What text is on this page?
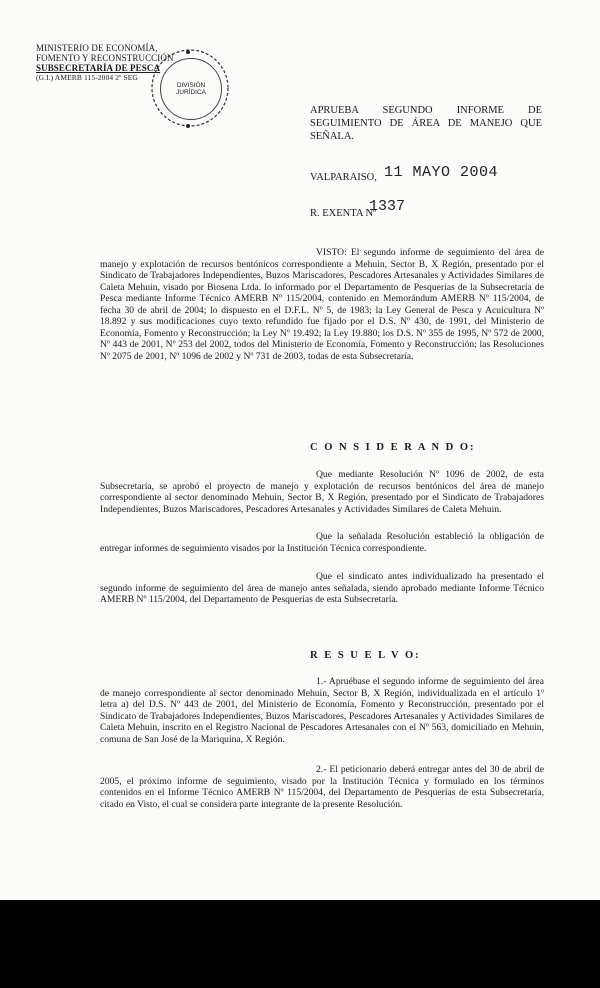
MINISTERIO DE ECONOMÍA,
FOMENTO Y RECONSTRUCCIÓN
SUBSECRETARÍA DE PESCA
(G.I.) AMERB 115-2004 2º SEG
DIVISIÓN
JURÍDICA
APRUEBA SEGUNDO INFORME DE
SEGUIMIENTO DE ÁREA DE MANEJO QUE
SEÑALA.
VALPARAISO, 11 MAYO 2004
R. EXENTA Nº
1337
VISTO: El segundo informe de seguimiento del área de manejo y explotación de recursos bentónicos correspondiente a Mehuin, Sector B, X Región, presentado por el Sindicato de Trabajadores Independientes, Buzos Mariscadores, Pescadores Artesanales y Actividades Similares de Caleta Mehuin, visado por Biosena Ltda. lo informado por el Departamento de Pesquerías de la Subsecretaría de Pesca mediante Informe Técnico AMERB Nº 115/2004, contenido en Memorándum AMERB Nº 115/2004, de fecha 30 de abril de 2004; lo dispuesto en el D.F.L. Nº 5, de 1983; la Ley General de Pesca y Acuicultura Nº 18.892 y sus modificaciones cuyo texto refundido fue fijado por el D.S. Nº 430, de 1991, del Ministerio de Economía, Fomento y Reconstrucción; la Ley Nº 19.492; la Ley 19.880; los D.S. Nº 355 de 1995, Nº 572 de 2000, Nº 443 de 2001, Nº 253 del 2002, todos del Ministerio de Economía, Fomento y Reconstrucción; las Resoluciones Nº 2075 de 2001, Nº 1096 de 2002 y Nº 731 de 2003, todas de esta Subsecretaría.
C O N S I D E R A N D O:
Que mediante Resolución Nº 1096 de 2002, de esta Subsecretaría, se aprobó el proyecto de manejo y explotación de recursos bentónicos del área de manejo correspondiente al sector denominado Mehuin, Sector B, X Región, presentado por el Sindicato de Trabajadores Independientes, Buzos Mariscadores, Pescadores Artesanales y Actividades Similares de Caleta Mehuin.
Que la señalada Resolución estableció la obligación de entregar informes de seguimiento visados por la Institución Técnica correspondiente.
Que el sindicato antes individualizado ha presentado el segundo informe de seguimiento del área de manejo antes señalada, siendo aprobado mediante Informe Técnico AMERB Nº 115/2004, del Departamento de Pesquerías de esta Subsecretaría.
R E S U E L V O:
1.- Apruébase el segundo informe de seguimiento del área de manejo correspondiente al sector denominado Mehuin, Sector B, X Región, individualizada en el artículo 1º letra a) del D.S. Nº 443 de 2001, del Ministerio de Economía, Fomento y Reconstrucción, presentado por el Sindicato de Trabajadores Independientes, Buzos Mariscadores, Pescadores Artesanales y Actividades Similares de Caleta Mehuin, inscrito en el Registro Nacional de Pescadores Artesanales con el Nº 563, domiciliado en Mehuin, comuna de San José de la Mariquina, X Región.
2.- El peticionario deberá entregar antes del 30 de abril de 2005, el próximo informe de seguimiento, visado por la Institución Técnica y formulado en los términos contenidos en el Informe Técnico AMERB Nº 115/2004, del Departamento de Pesquerías de esta Subsecretaría, citado en Visto, el cual se considera parte integrante de la presente Resolución.
